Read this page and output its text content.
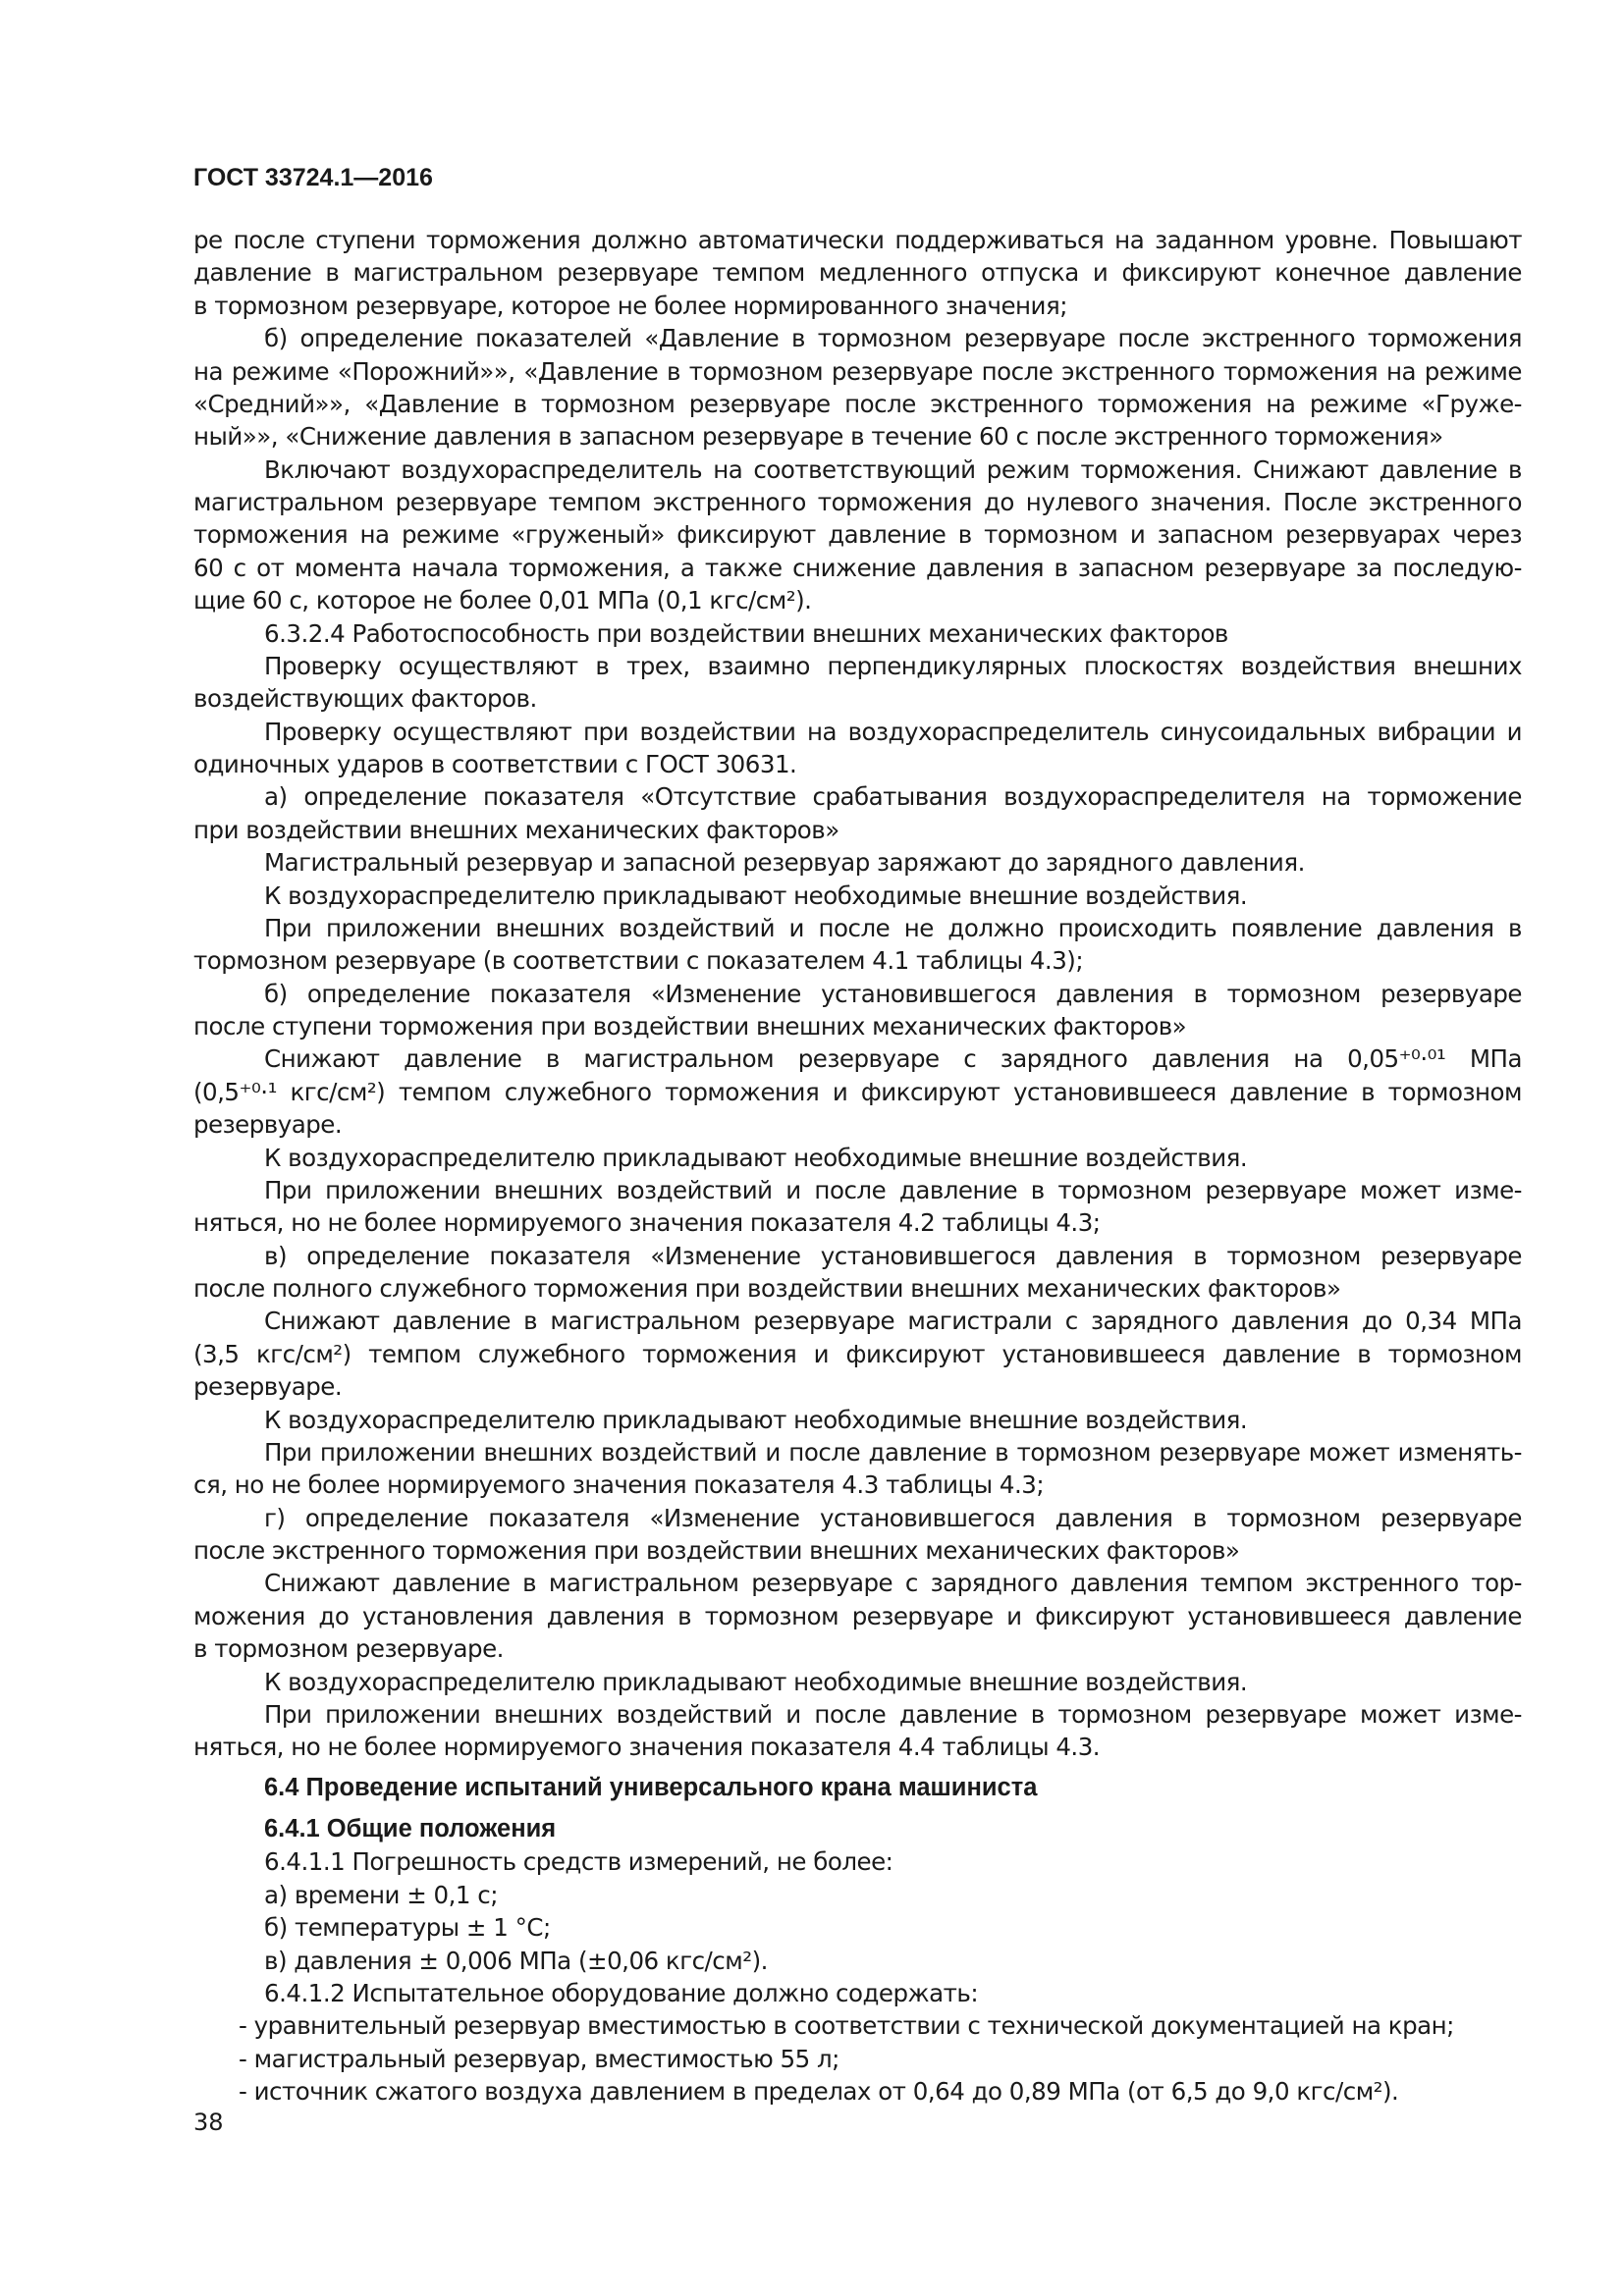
ГОСТ 33724.1—2016

ре после ступени торможения должно автоматически поддерживаться на заданном уровне. Повышают

давление в магистральном резервуаре темпом медленного отпуска и фиксируют конечное давление

в тормозном резервуаре, которое не более нормированного значения;

б) определение показателей «Давление в тормозном резервуаре после экстренного торможения

на режиме «Порожний»», «Давление в тормозном резервуаре после экстренного торможения на режиме

«Средний»», «Давление в тормозном резервуаре после экстренного торможения на режиме «Груже-

ный»», «Снижение давления в запасном резервуаре в течение 60 с после экстренного торможения»

Включают воздухораспределитель на соответствующий режим торможения. Снижают давление в

магистральном резервуаре темпом экстренного торможения до нулевого значения. После экстренного

торможения на режиме «груженый» фиксируют давление в тормозном и запасном резервуарах через

60 с от момента начала торможения, а также снижение давления в запасном резервуаре за последую-

щие 60 с, которое не более 0,01 МПа (0,1 кгс/см²).

6.3.2.4 Работоспособность при воздействии внешних механических факторов

Проверку осуществляют в трех, взаимно перпендикулярных плоскостях воздействия внешних

воздействующих факторов.

Проверку осуществляют при воздействии на воздухораспределитель синусоидальных вибрации и

одиночных ударов в соответствии с ГОСТ 30631.

а) определение показателя «Отсутствие срабатывания воздухораспределителя на торможение

при воздействии внешних механических факторов»

Магистральный резервуар и запасной резервуар заряжают до зарядного давления.

К воздухораспределителю прикладывают необходимые внешние воздействия.

При приложении внешних воздействий и после не должно происходить появление давления в

тормозном резервуаре (в соответствии с показателем 4.1 таблицы 4.3);

б) определение показателя «Изменение установившегося давления в тормозном резервуаре

после ступени торможения при воздействии внешних механических факторов»

Снижают давление в магистральном резервуаре с зарядного давления на 0,05⁺⁰·⁰¹ МПа

(0,5⁺⁰·¹ кгс/см²) темпом служебного торможения и фиксируют установившееся давление в тормозном

резервуаре.

К воздухораспределителю прикладывают необходимые внешние воздействия.

При приложении внешних воздействий и после давление в тормозном резервуаре может изме-

няться, но не более нормируемого значения показателя 4.2 таблицы 4.3;

в) определение показателя «Изменение установившегося давления в тормозном резервуаре

после полного служебного торможения при воздействии внешних механических факторов»

Снижают давление в магистральном резервуаре магистрали с зарядного давления до 0,34 МПа

(3,5 кгс/см²) темпом служебного торможения и фиксируют установившееся давление в тормозном

резервуаре.

К воздухораспределителю прикладывают необходимые внешние воздействия.

При приложении внешних воздействий и после давление в тормозном резервуаре может изменять-

ся, но не более нормируемого значения показателя 4.3 таблицы 4.3;

г) определение показателя «Изменение установившегося давления в тормозном резервуаре

после экстренного торможения при воздействии внешних механических факторов»

Снижают давление в магистральном резервуаре с зарядного давления темпом экстренного тор-

можения до установления давления в тормозном резервуаре и фиксируют установившееся давление

в тормозном резервуаре.

К воздухораспределителю прикладывают необходимые внешние воздействия.

При приложении внешних воздействий и после давление в тормозном резервуаре может изме-

няться, но не более нормируемого значения показателя 4.4 таблицы 4.3.

6.4 Проведение испытаний универсального крана машиниста

6.4.1 Общие положения

6.4.1.1 Погрешность средств измерений, не более:

а) времени ± 0,1 с;

б) температуры ± 1 °С;

в) давления ± 0,006 МПа (±0,06 кгс/см²).

6.4.1.2 Испытательное оборудование должно содержать:

- уравнительный резервуар вместимостью в соответствии с технической документацией на кран;

- магистральный резервуар, вместимостью 55 л;

- источник сжатого воздуха давлением в пределах от 0,64 до 0,89 МПа (от 6,5 до 9,0 кгс/см²).

38
